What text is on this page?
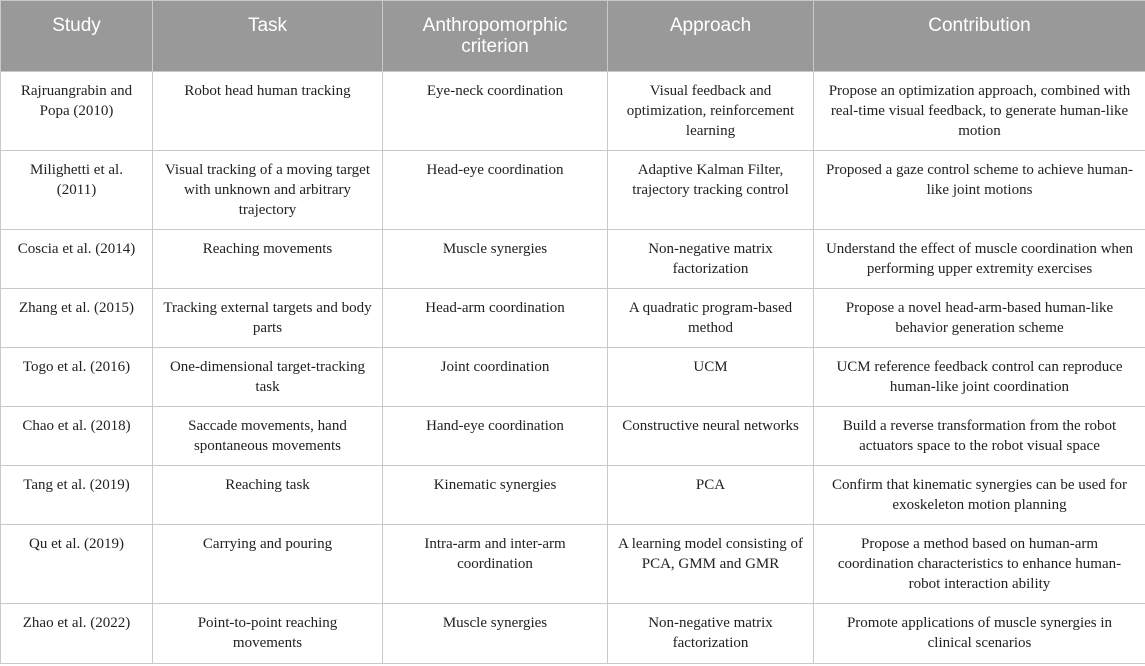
Study	Task	Anthropomorphic criterion	Approach	Contribution
Rajruangrabin and Popa (2010)	Robot head human tracking	Eye-neck coordination	Visual feedback and optimization, reinforcement learning	Propose an optimization approach, combined with real-time visual feedback, to generate human-like motion
Milighetti et al. (2011)	Visual tracking of a moving target with unknown and arbitrary trajectory	Head-eye coordination	Adaptive Kalman Filter, trajectory tracking control	Proposed a gaze control scheme to achieve human-like joint motions
Coscia et al. (2014)	Reaching movements	Muscle synergies	Non-negative matrix factorization	Understand the effect of muscle coordination when performing upper extremity exercises
Zhang et al. (2015)	Tracking external targets and body parts	Head-arm coordination	A quadratic program-based method	Propose a novel head-arm-based human-like behavior generation scheme
Togo et al. (2016)	One-dimensional target-tracking task	Joint coordination	UCM	UCM reference feedback control can reproduce human-like joint coordination
Chao et al. (2018)	Saccade movements, hand spontaneous movements	Hand-eye coordination	Constructive neural networks	Build a reverse transformation from the robot actuators space to the robot visual space
Tang et al. (2019)	Reaching task	Kinematic synergies	PCA	Confirm that kinematic synergies can be used for exoskeleton motion planning
Qu et al. (2019)	Carrying and pouring	Intra-arm and inter-arm coordination	A learning model consisting of PCA, GMM and GMR	Propose a method based on human-arm coordination characteristics to enhance human-robot interaction ability
Zhao et al. (2022)	Point-to-point reaching movements	Muscle synergies	Non-negative matrix factorization	Promote applications of muscle synergies in clinical scenarios
